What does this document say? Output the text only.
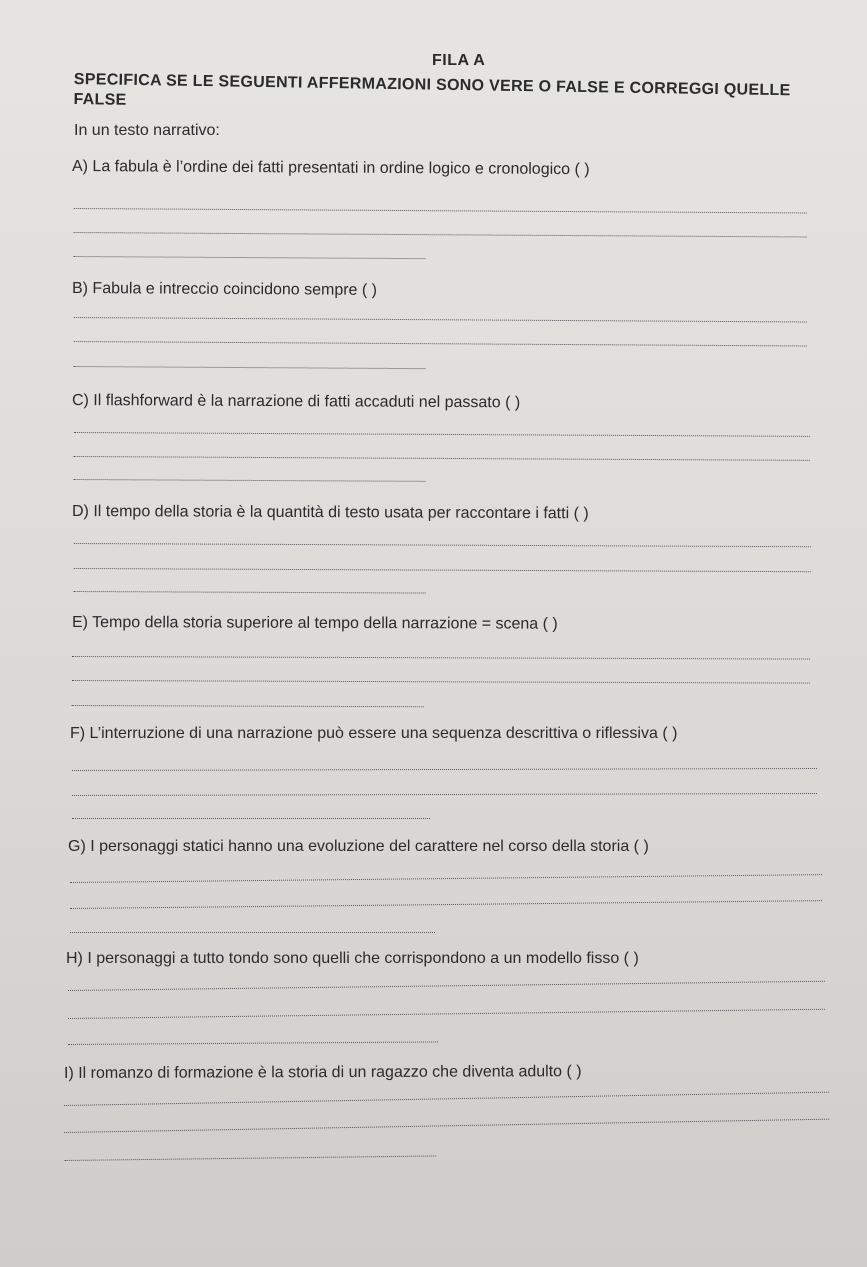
FILA A
SPECIFICA SE LE SEGUENTI AFFERMAZIONI SONO VERE O FALSE E CORREGGI QUELLE FALSE
In un testo narrativo:
A) La fabula è l’ordine dei fatti presentati in ordine logico e cronologico ( )
B) Fabula e intreccio coincidono sempre ( )
C) Il flashforward è la narrazione di fatti accaduti nel passato ( )
D) Il tempo della storia è la quantità di testo usata per raccontare i fatti ( )
E) Tempo della storia superiore al tempo della narrazione = scena ( )
F) L’interruzione di una narrazione può essere una sequenza descrittiva o riflessiva ( )
G) I personaggi statici hanno una evoluzione del carattere nel corso della storia ( )
H) I personaggi a tutto tondo sono quelli che corrispondono a un modello fisso ( )
I) Il romanzo di formazione è la storia di un ragazzo che diventa adulto ( )
